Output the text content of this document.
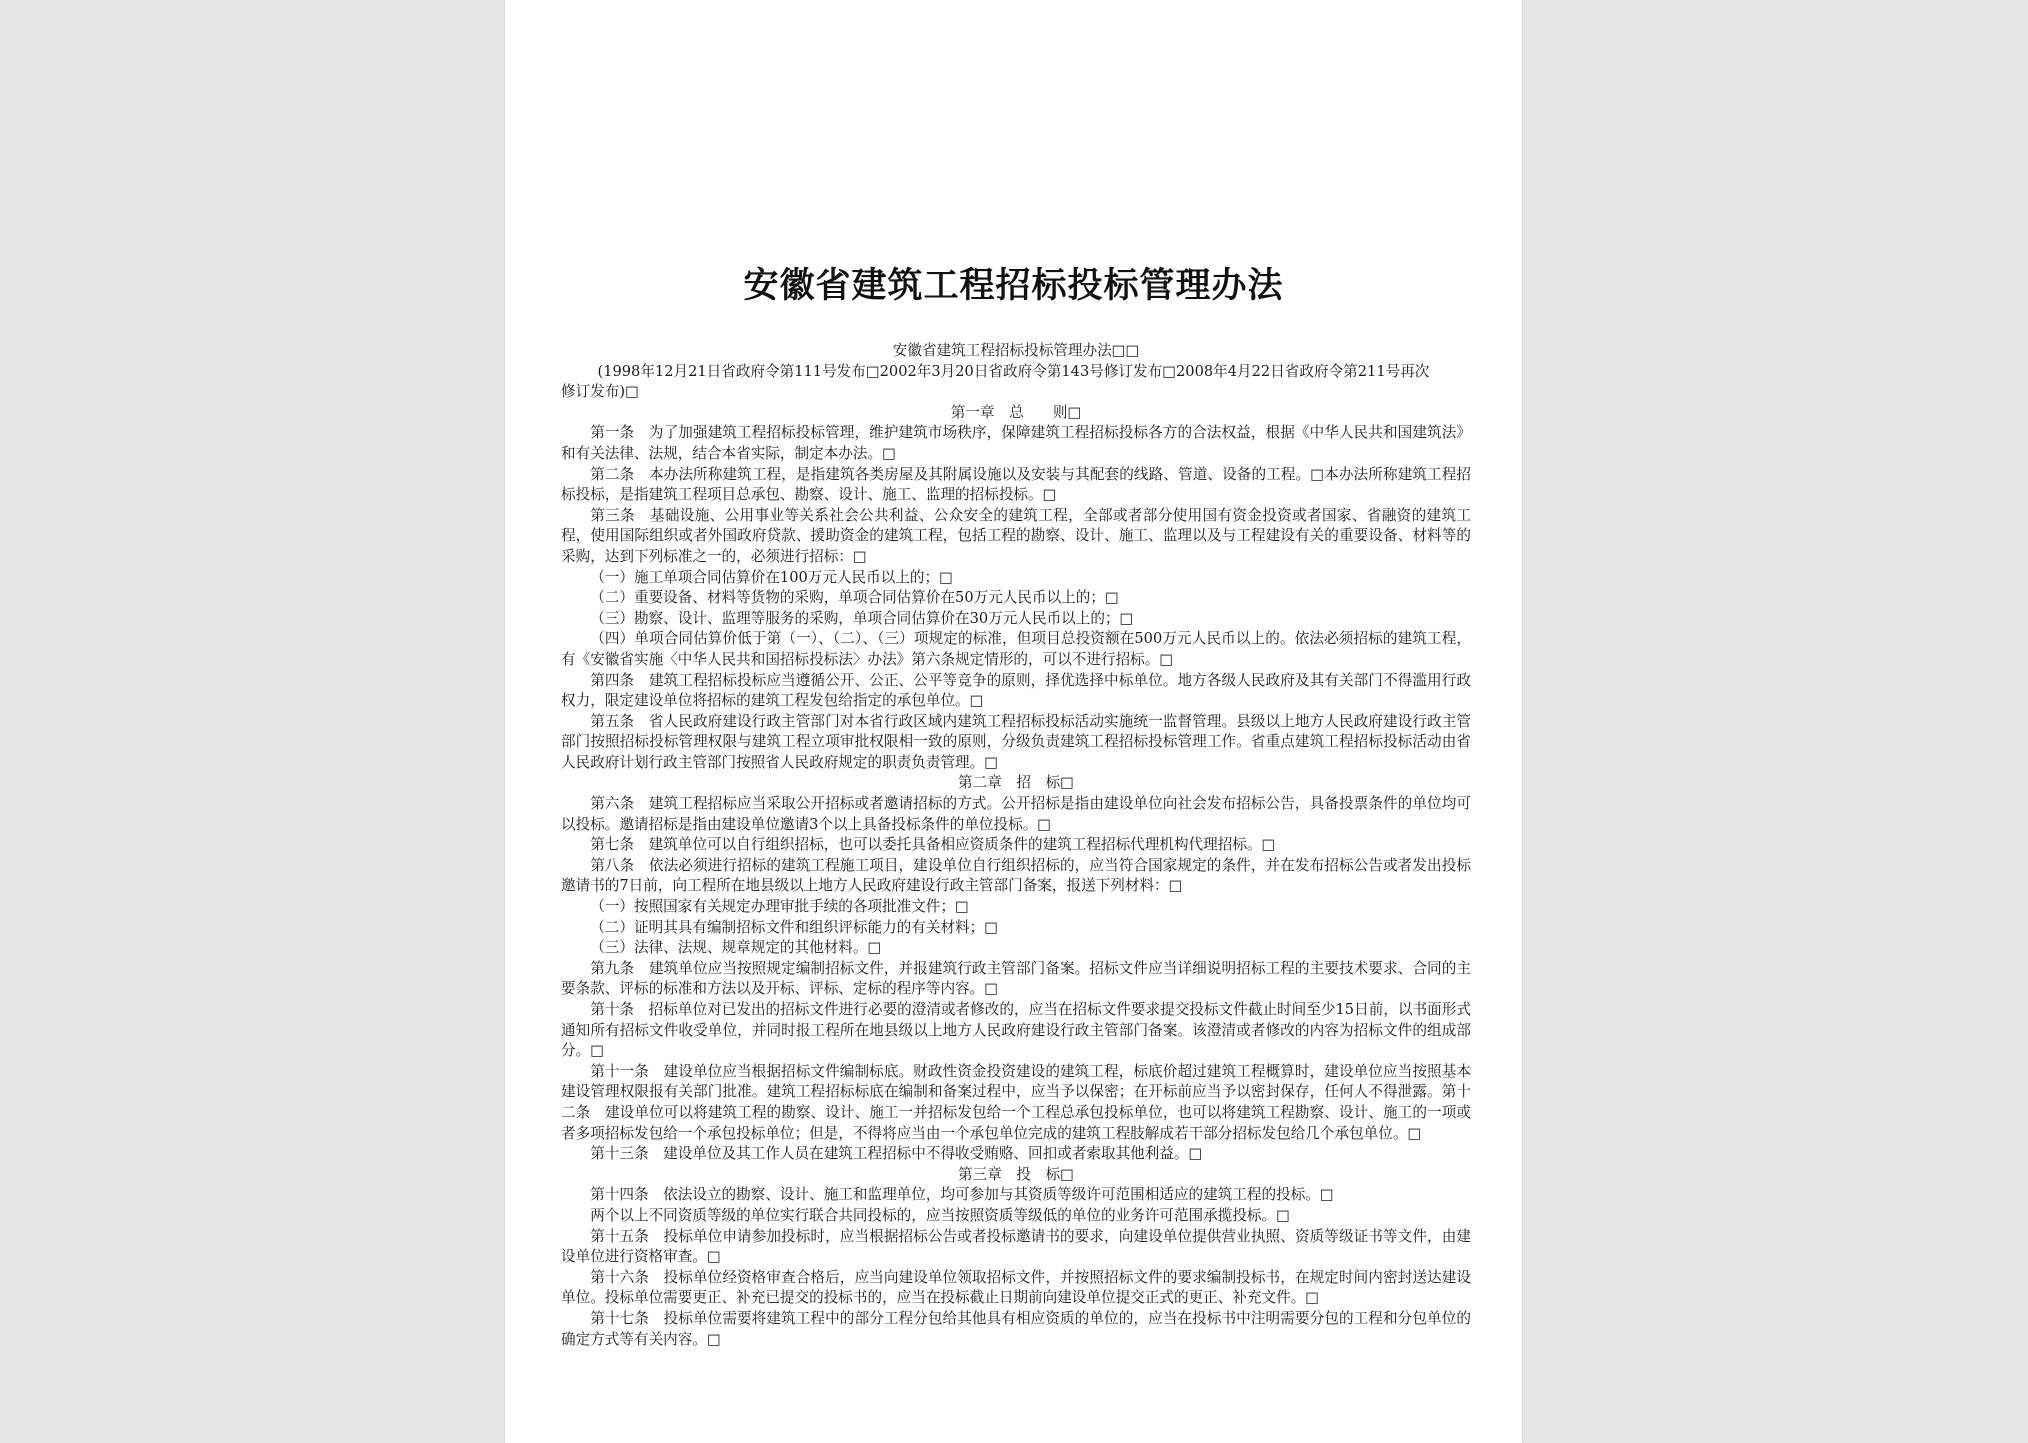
安徽省建筑工程招标投标管理办法

安徽省建筑工程招标投标管理办法□□

(1998年12月21日省政府令第111号发布□2002年3月20日省政府令第143号修订发布□2008年4月22日省政府令第211号再次

修订发布)□

第一章　总　　则□

第一条　为了加强建筑工程招标投标管理，维护建筑市场秩序，保障建筑工程招标投标各方的合法权益，根据《中华人民共和国建筑法》和有关法律、法规，结合本省实际，制定本办法。□

第二条　本办法所称建筑工程，是指建筑各类房屋及其附属设施以及安装与其配套的线路、管道、设备的工程。□本办法所称建筑工程招标投标，是指建筑工程项目总承包、勘察、设计、施工、监理的招标投标。□

第三条　基础设施、公用事业等关系社会公共利益、公众安全的建筑工程，全部或者部分使用国有资金投资或者国家、省融资的建筑工程，使用国际组织或者外国政府贷款、援助资金的建筑工程，包括工程的勘察、设计、施工、监理以及与工程建设有关的重要设备、材料等的采购，达到下列标准之一的，必须进行招标：□

（一）施工单项合同估算价在100万元人民币以上的；□

（二）重要设备、材料等货物的采购，单项合同估算价在50万元人民币以上的；□

（三）勘察、设计、监理等服务的采购，单项合同估算价在30万元人民币以上的；□

（四）单项合同估算价低于第（一）、（二）、（三）项规定的标准，但项目总投资额在500万元人民币以上的。依法必须招标的建筑工程，有《安徽省实施〈中华人民共和国招标投标法〉办法》第六条规定情形的，可以不进行招标。□

第四条　建筑工程招标投标应当遵循公开、公正、公平等竞争的原则，择优选择中标单位。地方各级人民政府及其有关部门不得滥用行政权力，限定建设单位将招标的建筑工程发包给指定的承包单位。□

第五条　省人民政府建设行政主管部门对本省行政区域内建筑工程招标投标活动实施统一监督管理。县级以上地方人民政府建设行政主管部门按照招标投标管理权限与建筑工程立项审批权限相一致的原则，分级负责建筑工程招标投标管理工作。省重点建筑工程招标投标活动由省人民政府计划行政主管部门按照省人民政府规定的职责负责管理。□

第二章　招　标□

第六条　建筑工程招标应当采取公开招标或者邀请招标的方式。公开招标是指由建设单位向社会发布招标公告，具备投票条件的单位均可以投标。邀请招标是指由建设单位邀请3个以上具备投标条件的单位投标。□

第七条　建筑单位可以自行组织招标，也可以委托具备相应资质条件的建筑工程招标代理机构代理招标。□

第八条　依法必须进行招标的建筑工程施工项目，建设单位自行组织招标的，应当符合国家规定的条件，并在发布招标公告或者发出投标邀请书的7日前，向工程所在地县级以上地方人民政府建设行政主管部门备案，报送下列材料：□

（一）按照国家有关规定办理审批手续的各项批准文件；□

（二）证明其具有编制招标文件和组织评标能力的有关材料；□

（三）法律、法规、规章规定的其他材料。□

第九条　建筑单位应当按照规定编制招标文件，并报建筑行政主管部门备案。招标文件应当详细说明招标工程的主要技术要求、合同的主要条款、评标的标准和方法以及开标、评标、定标的程序等内容。□

第十条　招标单位对已发出的招标文件进行必要的澄清或者修改的，应当在招标文件要求提交投标文件截止时间至少15日前，以书面形式通知所有招标文件收受单位，并同时报工程所在地县级以上地方人民政府建设行政主管部门备案。该澄清或者修改的内容为招标文件的组成部分。□

第十一条　建设单位应当根据招标文件编制标底。财政性资金投资建设的建筑工程，标底价超过建筑工程概算时，建设单位应当按照基本建设管理权限报有关部门批准。建筑工程招标标底在编制和备案过程中，应当予以保密；在开标前应当予以密封保存，任何人不得泄露。第十二条　建设单位可以将建筑工程的勘察、设计、施工一并招标发包给一个工程总承包投标单位，也可以将建筑工程勘察、设计、施工的一项或者多项招标发包给一个承包投标单位；但是，不得将应当由一个承包单位完成的建筑工程肢解成若干部分招标发包给几个承包单位。□

第十三条　建设单位及其工作人员在建筑工程招标中不得收受贿赂、回扣或者索取其他利益。□

第三章　投　标□

第十四条　依法设立的勘察、设计、施工和监理单位，均可参加与其资质等级许可范围相适应的建筑工程的投标。□

两个以上不同资质等级的单位实行联合共同投标的，应当按照资质等级低的单位的业务许可范围承揽投标。□

第十五条　投标单位申请参加投标时，应当根据招标公告或者投标邀请书的要求，向建设单位提供营业执照、资质等级证书等文件，由建设单位进行资格审查。□

第十六条　投标单位经资格审查合格后，应当向建设单位领取招标文件，并按照招标文件的要求编制投标书，在规定时间内密封送达建设单位。投标单位需要更正、补充已提交的投标书的，应当在投标截止日期前向建设单位提交正式的更正、补充文件。□

第十七条　投标单位需要将建筑工程中的部分工程分包给其他具有相应资质的单位的，应当在投标书中注明需要分包的工程和分包单位的确定方式等有关内容。□
